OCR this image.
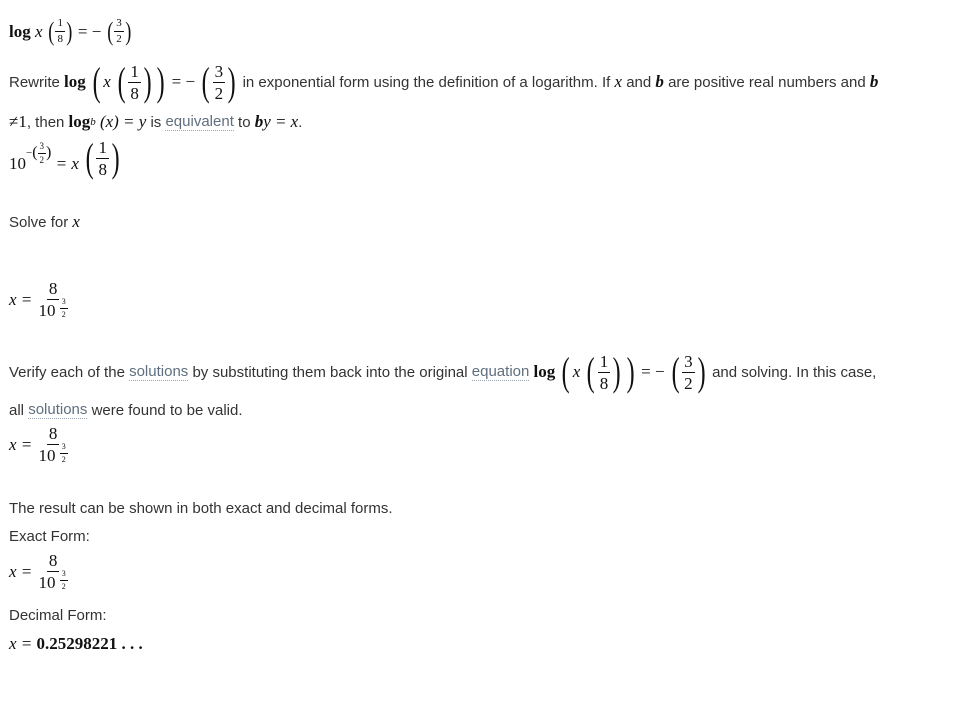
log
x
( $\frac{1}{8}$ )
= −
( $\frac{3}{2}$ )
Rewrite
log
( x
( $\frac{1}{8}$ ) )
= −
( $\frac{3}{2}$ )
in exponential form using the definition of a logarithm. If
x
and
b
are positive real numbers and
b
≠1 , then
log b
(x)
= y
is
equivalent
to
b y
= x .
10
− ( $\frac{3}{2}$ )

= x
( $\frac{1}{8}$ )
Solve for
x
x =
$\frac{8}{10 \frac{3}{2}}$
Verify each of the
solutions
by substituting them back into the original
equation
log
( x
( $\frac{1}{8}$ ) )
= −
( $\frac{3}{2}$ )
and solving. In this case,
all
solutions
were found to be valid.
x =
$\frac{8}{10 \frac{3}{2}}$
The result can be shown in both exact and decimal forms.
Exact Form:
x =
$\frac{8}{10 \frac{3}{2}}$
Decimal Form:
x =
0.25298221 . . .
